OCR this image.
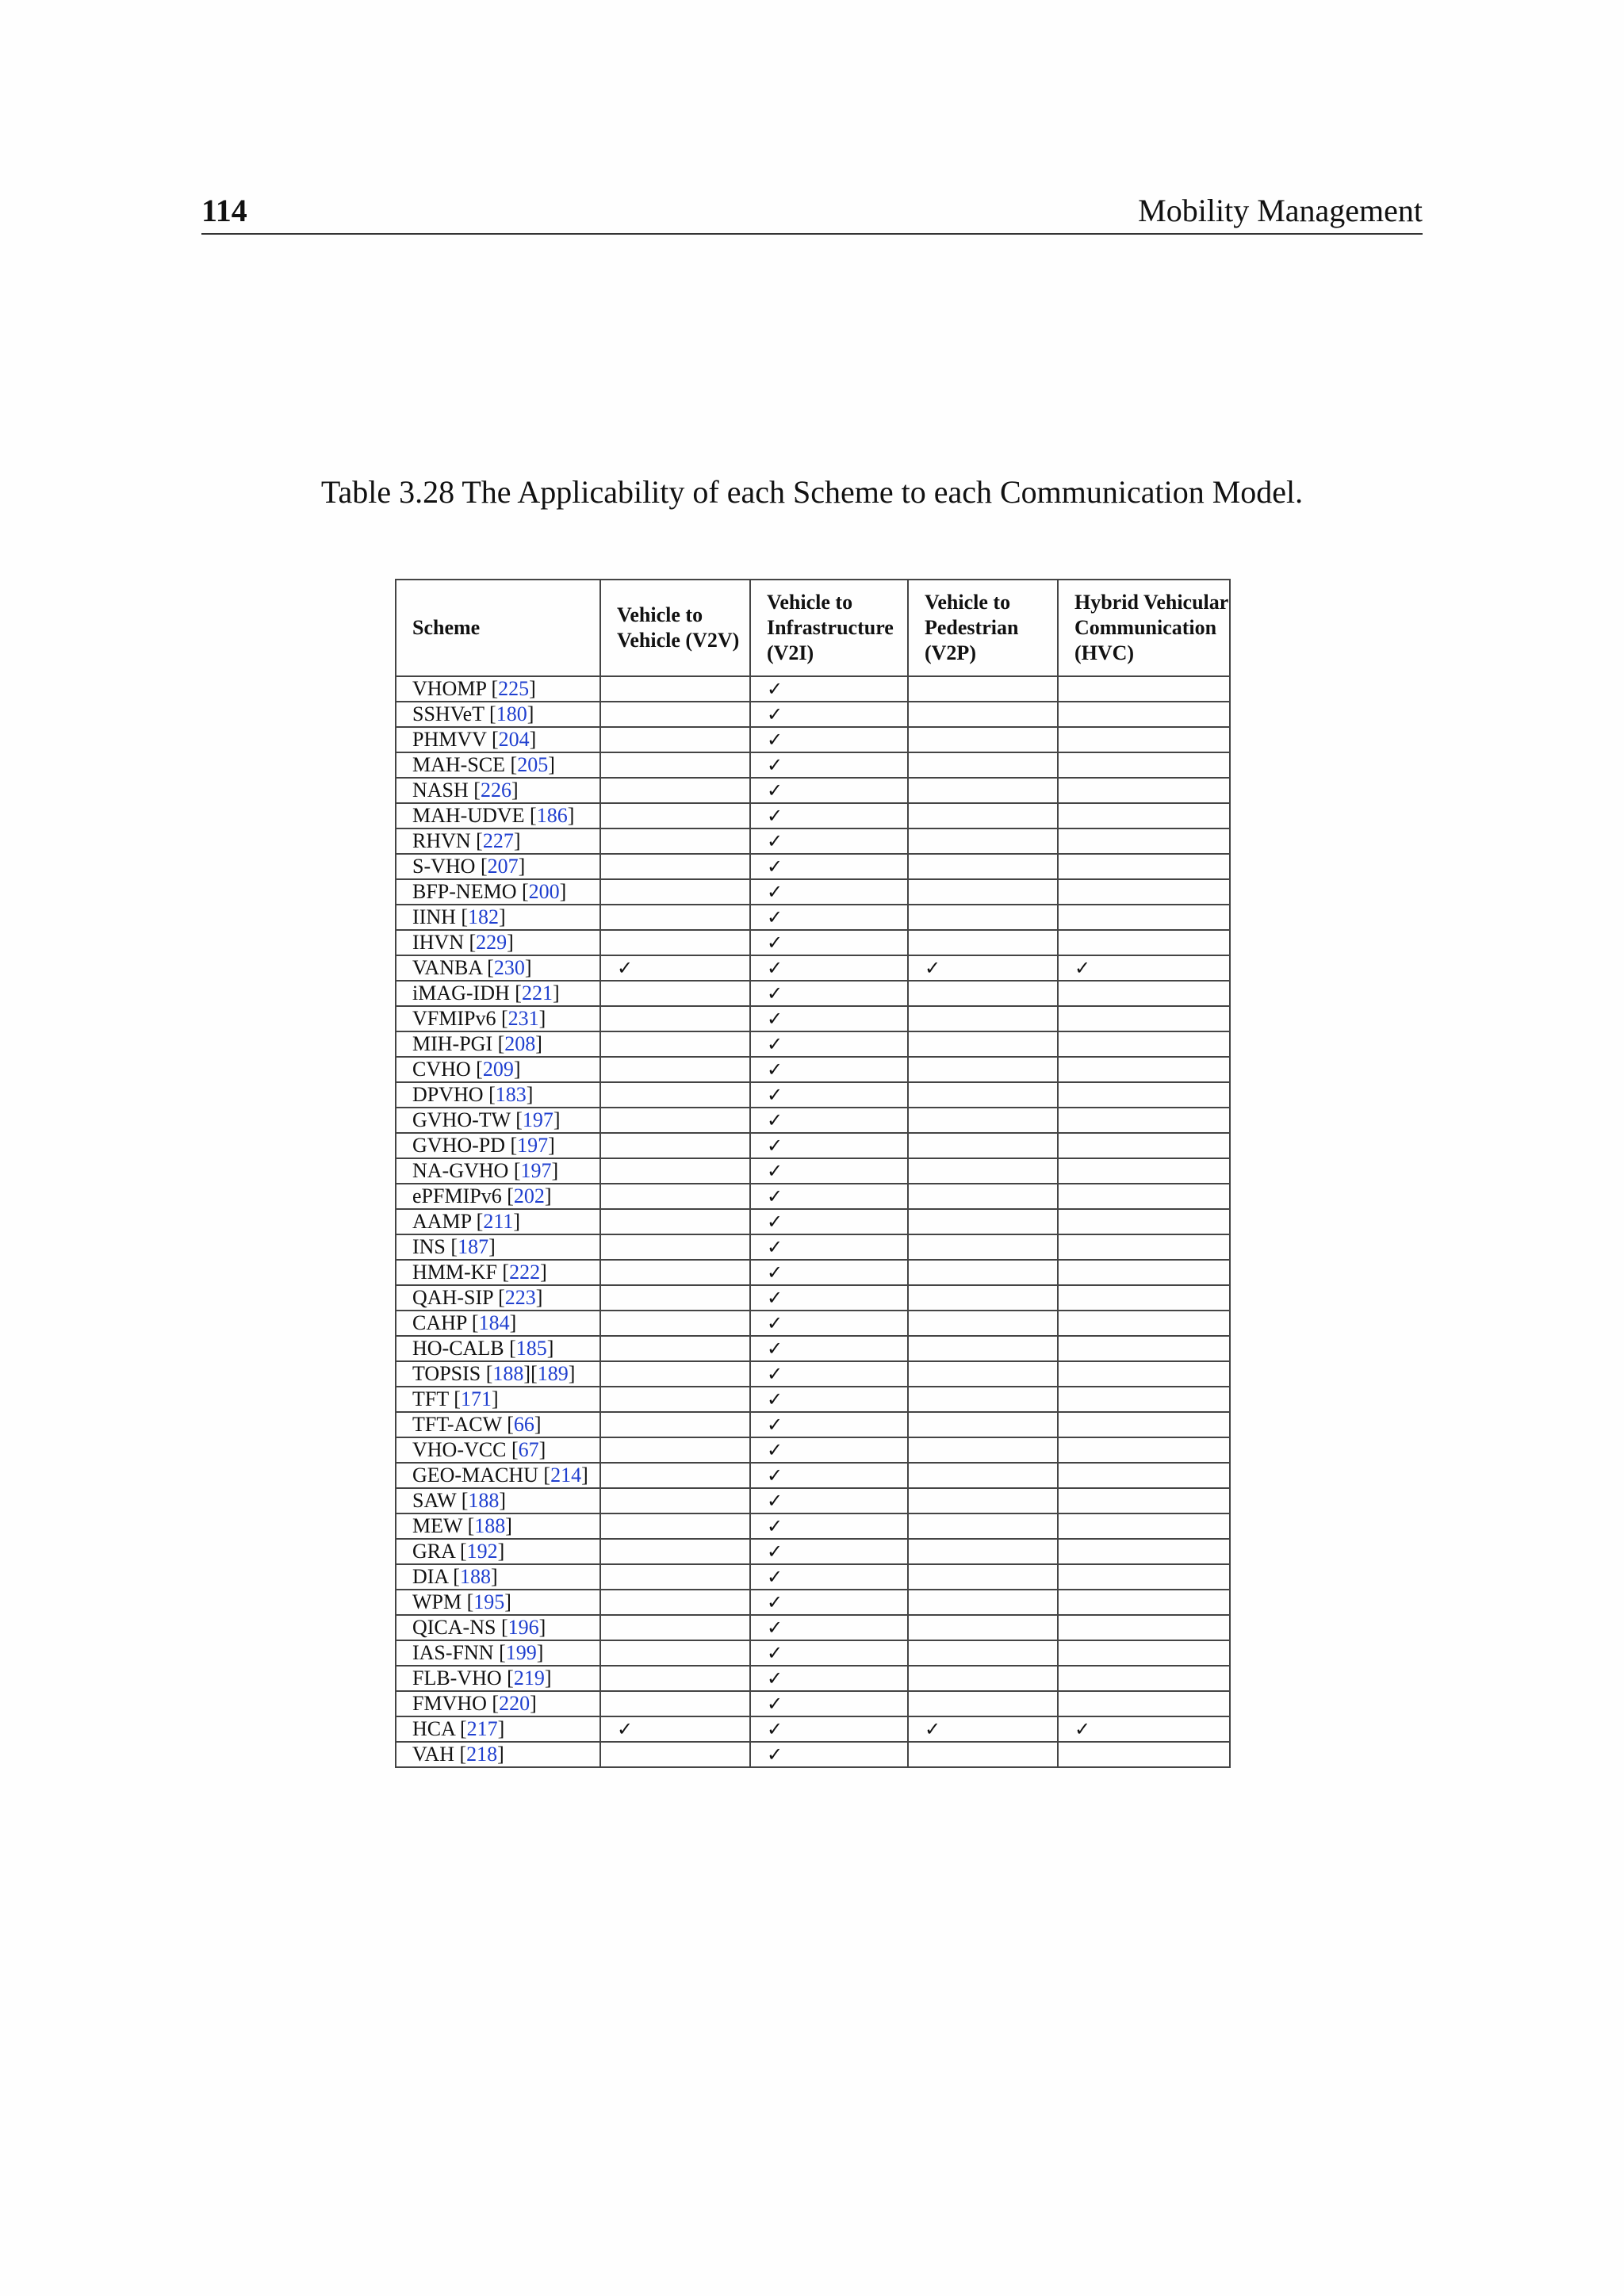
114	Mobility Management
Table 3.28 The Applicability of each Scheme to each Communication Model.
Scheme	Vehicle to Vehicle (V2V)	Vehicle to Infrastructure (V2I)	Vehicle to Pedestrian (V2P)	Hybrid Vehicular Communication (HVC)
VHOMP [225]		✓		
SSHVeT [180]		✓		
PHMVV [204]		✓		
MAH-SCE [205]		✓		
NASH [226]		✓		
MAH-UDVE [186]		✓		
RHVN [227]		✓		
S-VHO [207]		✓		
BFP-NEMO [200]		✓		
IINH [182]		✓		
IHVN [229]		✓		
VANBA [230]	✓	✓	✓	✓
iMAG-IDH [221]		✓		
VFMIPv6 [231]		✓		
MIH-PGI [208]		✓		
CVHO [209]		✓		
DPVHO [183]		✓		
GVHO-TW [197]		✓		
GVHO-PD [197]		✓		
NA-GVHO [197]		✓		
ePFMIPv6 [202]		✓		
AAMP [211]		✓		
INS [187]		✓		
HMM-KF [222]		✓		
QAH-SIP [223]		✓		
CAHP [184]		✓		
HO-CALB [185]		✓		
TOPSIS [188][189]		✓		
TFT [171]		✓		
TFT-ACW [66]		✓		
VHO-VCC [67]		✓		
GEO-MACHU [214]		✓		
SAW [188]		✓		
MEW [188]		✓		
GRA [192]		✓		
DIA [188]		✓		
WPM [195]		✓		
QICA-NS [196]		✓		
IAS-FNN [199]		✓		
FLB-VHO [219]		✓		
FMVHO [220]		✓		
HCA [217]	✓	✓	✓	✓
VAH [218]		✓		
